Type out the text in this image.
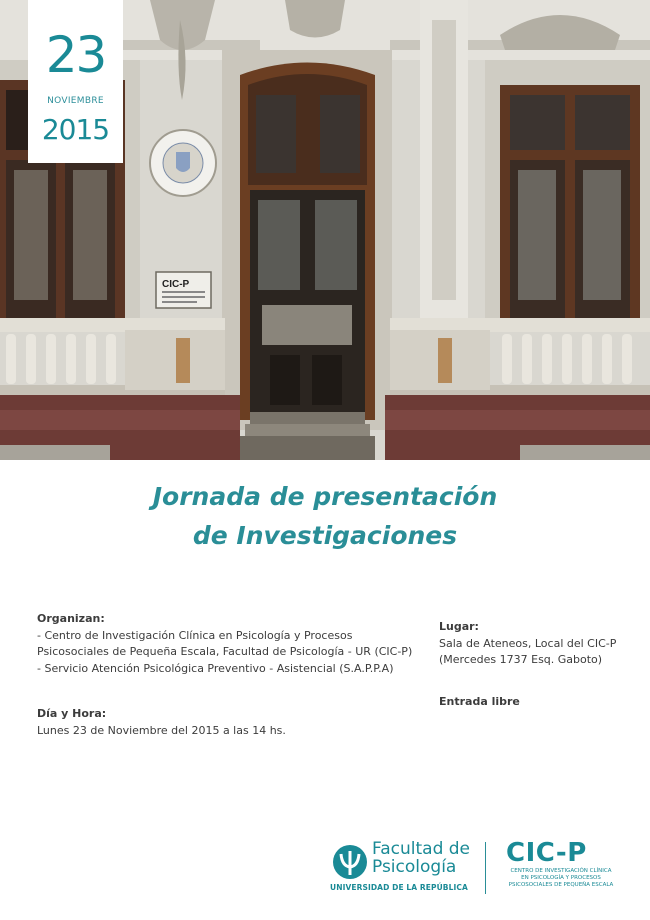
CIC-P
23
NOVIEMBRE
2015
Jornada de presentación
de Investigaciones
Organizan:
- Centro de Investigación Clínica en Psicología y Procesos
Psicosociales de Pequeña Escala, Facultad de Psicología - UR (CIC-P)
- Servicio Atención Psicológica Preventivo - Asistencial (S.A.P.P.A)
Día y Hora:
Lunes 23 de Noviembre del 2015 a las 14 hs.
Lugar:
Sala de Ateneos, Local del CIC-P
(Mercedes 1737 Esq. Gaboto)
Entrada libre
Facultad de
Psicología
UNIVERSIDAD DE LA REPÚBLICA
CIC-P
CENTRO DE INVESTIGACIÓN CLÍNICA
EN PSICOLOGÍA Y PROCESOS
PSICOSOCIALES DE PEQUEÑA ESCALA
